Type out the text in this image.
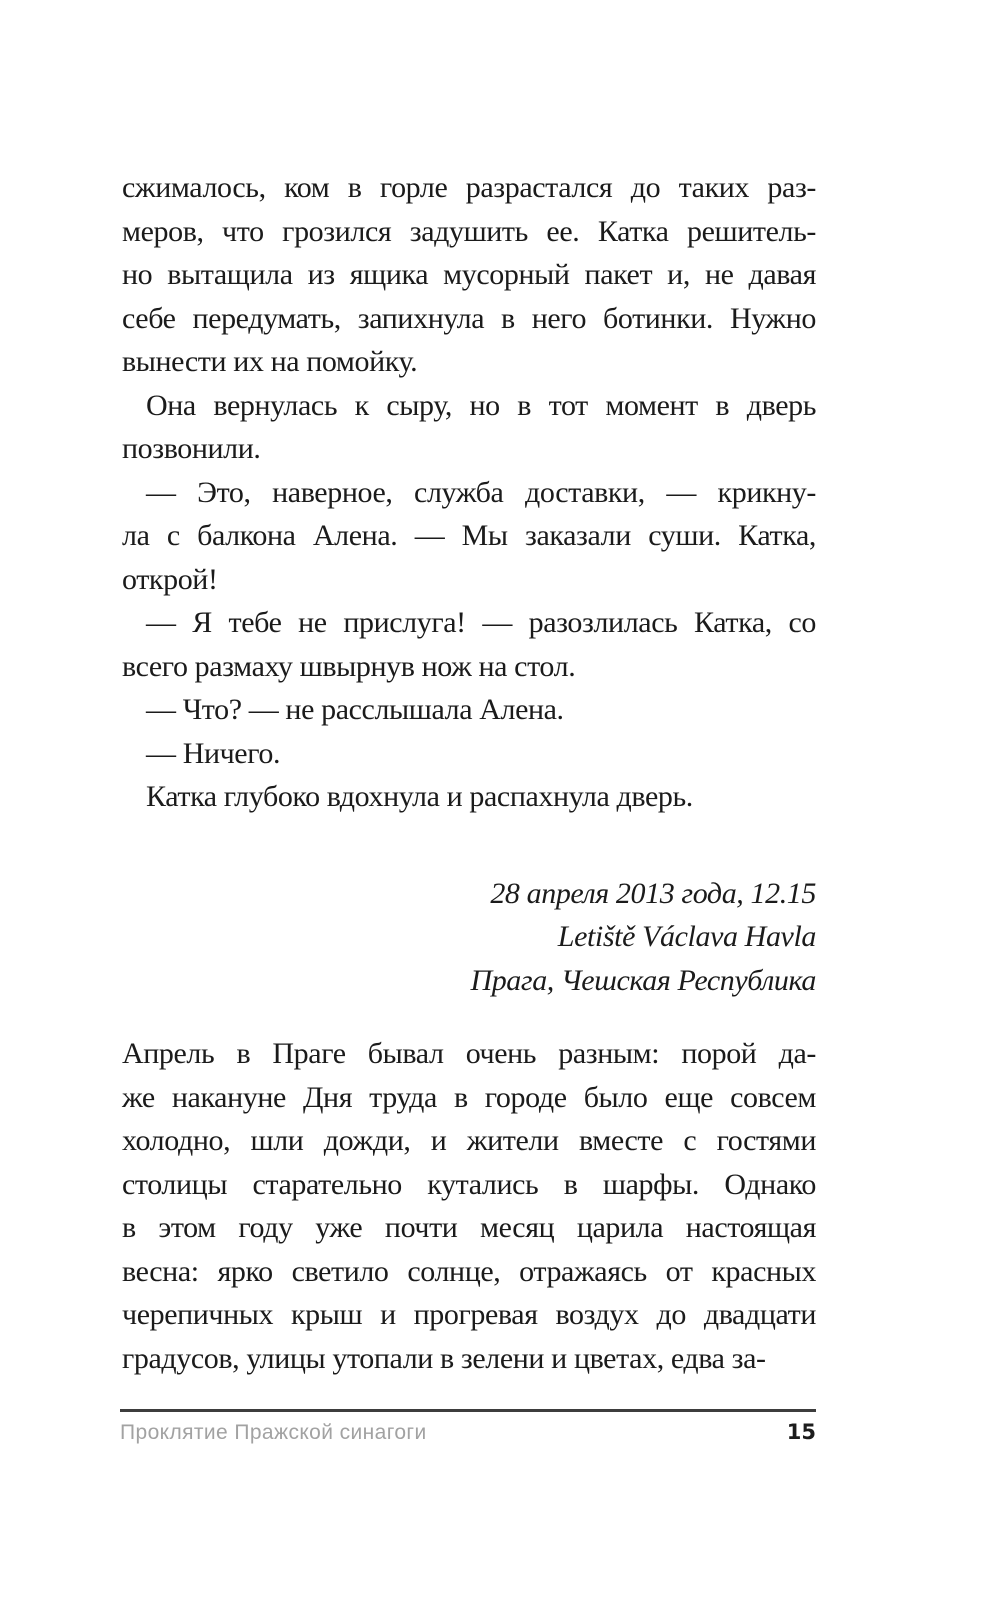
сжималось, ком в горле разрастался до таких раз-
меров, что грозился задушить ее. Катка решитель-
но вытащила из ящика мусорный пакет и, не давая
себе передумать, запихнула в него ботинки. Нужно
вынести их на помойку.

Она вернулась к сыру, но в тот момент в дверь
позвонили.

— Это, наверное, служба доставки, — крикну-
ла с балкона Алена. — Мы заказали суши. Катка,
открой!

— Я тебе не прислуга! — разозлилась Катка, со
всего размаху швырнув нож на стол.

— Что? — не расслышала Алена.

— Ничего.

Катка глубоко вдохнула и распахнула дверь.

28 апреля 2013 года, 12.15
Letiště Václava Havla
Прага, Чешская Республика

Апрель в Праге бывал очень разным: порой да-
же накануне Дня труда в городе было еще совсем
холодно, шли дожди, и жители вместе с гостями
столицы старательно кутались в шарфы. Однако
в этом году уже почти месяц царила настоящая
весна: ярко светило солнце, отражаясь от красных
черепичных крыш и прогревая воздух до двадцати
градусов, улицы утопали в зелени и цветах, едва за-

Проклятие Пражской синагоги	15
